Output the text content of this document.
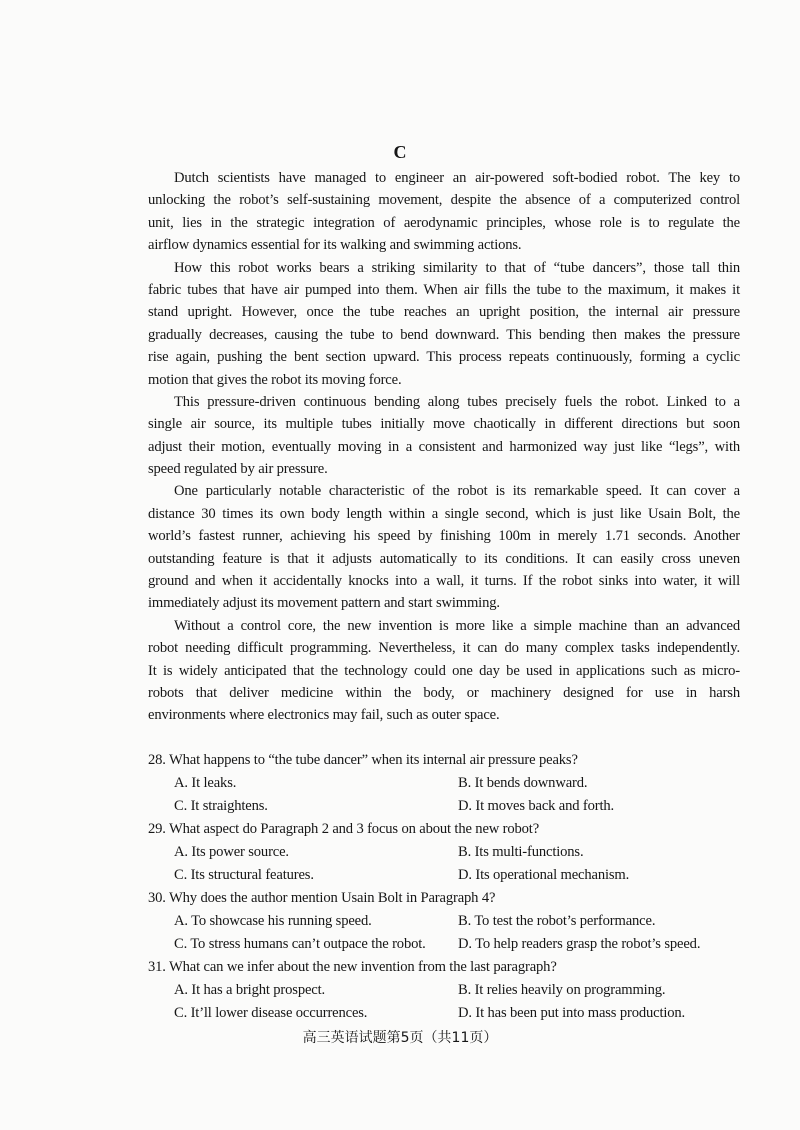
C
Dutch scientists have managed to engineer an air-powered soft-bodied robot. The key to
unlocking the robot’s self-sustaining movement, despite the absence of a computerized control
unit, lies in the strategic integration of aerodynamic principles, whose role is to regulate the
airflow dynamics essential for its walking and swimming actions.
How this robot works bears a striking similarity to that of “tube dancers”, those tall thin
fabric tubes that have air pumped into them. When air fills the tube to the maximum, it makes it
stand upright. However, once the tube reaches an upright position, the internal air pressure
gradually decreases, causing the tube to bend downward. This bending then makes the pressure
rise again, pushing the bent section upward. This process repeats continuously, forming a cyclic
motion that gives the robot its moving force.
This pressure-driven continuous bending along tubes precisely fuels the robot. Linked to a
single air source, its multiple tubes initially move chaotically in different directions but soon
adjust their motion, eventually moving in a consistent and harmonized way just like “legs”, with
speed regulated by air pressure.
One particularly notable characteristic of the robot is its remarkable speed. It can cover a
distance 30 times its own body length within a single second, which is just like Usain Bolt, the
world’s fastest runner, achieving his speed by finishing 100m in merely 1.71 seconds. Another
outstanding feature is that it adjusts automatically to its conditions. It can easily cross uneven
ground and when it accidentally knocks into a wall, it turns. If the robot sinks into water, it will
immediately adjust its movement pattern and start swimming.
Without a control core, the new invention is more like a simple machine than an advanced
robot needing difficult programming. Nevertheless, it can do many complex tasks independently.
It is widely anticipated that the technology could one day be used in applications such as micro-
robots that deliver medicine within the body, or machinery designed for use in harsh
environments where electronics may fail, such as outer space.
28. What happens to “the tube dancer” when its internal air pressure peaks?
A. It leaks.	B. It bends downward.
C. It straightens.	D. It moves back and forth.
29. What aspect do Paragraph 2 and 3 focus on about the new robot?
A. Its power source.	B. Its multi-functions.
C. Its structural features.	D. Its operational mechanism.
30. Why does the author mention Usain Bolt in Paragraph 4?
A. To showcase his running speed.	B. To test the robot’s performance.
C. To stress humans can’t outpace the robot. D. To help readers grasp the robot’s speed.
31. What can we infer about the new invention from the last paragraph?
A. It has a bright prospect.	B. It relies heavily on programming.
C. It’ll lower disease occurrences.	D. It has been put into mass production.
高三英语试题第5页（共11页）
